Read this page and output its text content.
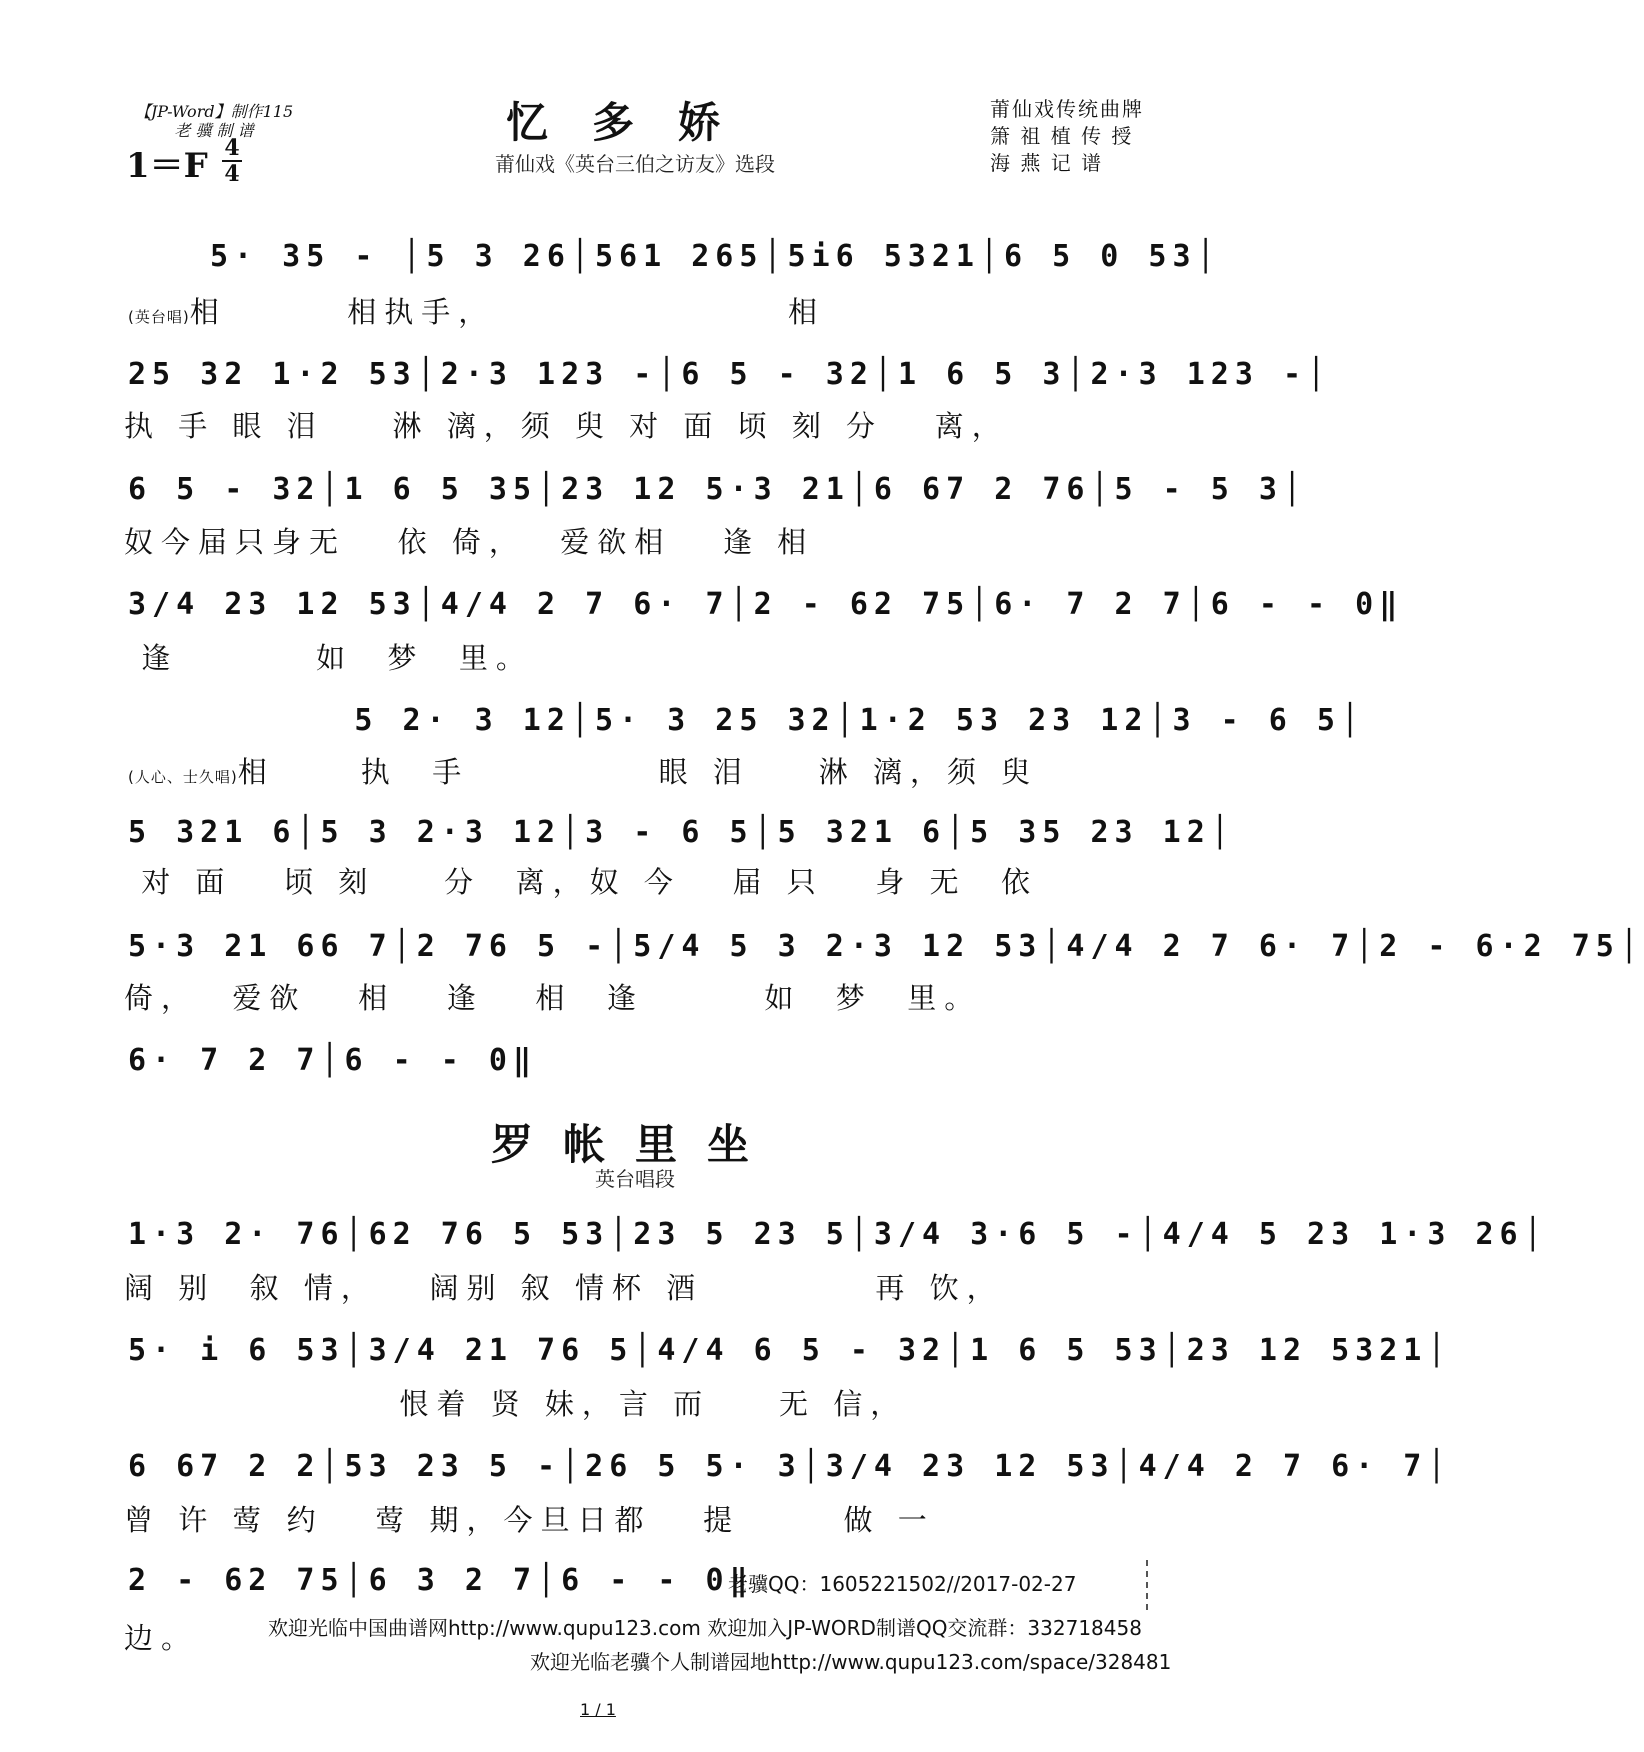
【JP-Word】制作115
老 骥 制 谱
1＝F 4
4
忆多娇
莆仙戏《英台三伯之访友》选段
莆仙戏传统曲牌
箫 祖 植 传 授
海 燕 记 谱
5· 35 - │5 3 26│561 265│5i6 5321│6 5 0 53│
(英台唱)相       相执手，                 相
25 32 1·2 53│2·3 123 -│6 5 - 32│1 6 5 3│2·3 123 -│
执 手 眼 泪    淋 漓，须 臾 对 面 顷 刻 分   离，
6 5 - 32│1 6 5 35│23 12 5·3 21│6 67 2 76│5 - 5 3│
奴今届只身无   依 倚，  爱欲相   逢 相
3/4 23 12 53│4/4 2 7 6· 7│2 - 62 75│6· 7 2 7│6 - - 0‖
逢        如  梦  里。
5 2· 3 12│5· 3 25 32│1·2 53 23 12│3 - 6 5│
(人心、士久唱)相     执  手           眼 泪    淋 漓，须 臾
5 321 6│5 3 2·3 12│3 - 6 5│5 321 6│5 35 23 12│
对 面   顷 刻    分  离，奴 今   届 只   身 无  依
5·3 21 66 7│2 76 5 -│5/4 5 3 2·3 12 53│4/4 2 7 6· 7│2 - 6·2 75│
倚，  爱欲   相   逢   相  逢       如  梦  里。
6· 7 2 7│6 - - 0‖
罗帐里坐
英台唱段
1·3 2· 76│62 76 5 53│23 5 23 5│3/4 3·6 5 -│4/4 5 23 1·3 26│
阔 别  叙 情，   阔别 叙 情杯 酒          再 饮，
5· i 6 53│3/4 21 76 5│4/4 6 5 - 32│1 6 5 53│23 12 5321│
恨着 贤 妹，言 而    无 信，
6 67 2 2│53 23 5 -│26 5 5· 3│3/4 23 12 53│4/4 2 7 6· 7│
曾 许 莺 约   莺 期，今旦日都   提      做 一
2 - 62 75│6 3 2 7│6 - - 0‖
边。
老骥QQ：1605221502//2017-02-27
欢迎光临中国曲谱网http://www.qupu123.com 欢迎加入JP-WORD制谱QQ交流群：332718458
欢迎光临老骥个人制谱园地http://www.qupu123.com/space/328481
1 / 1
